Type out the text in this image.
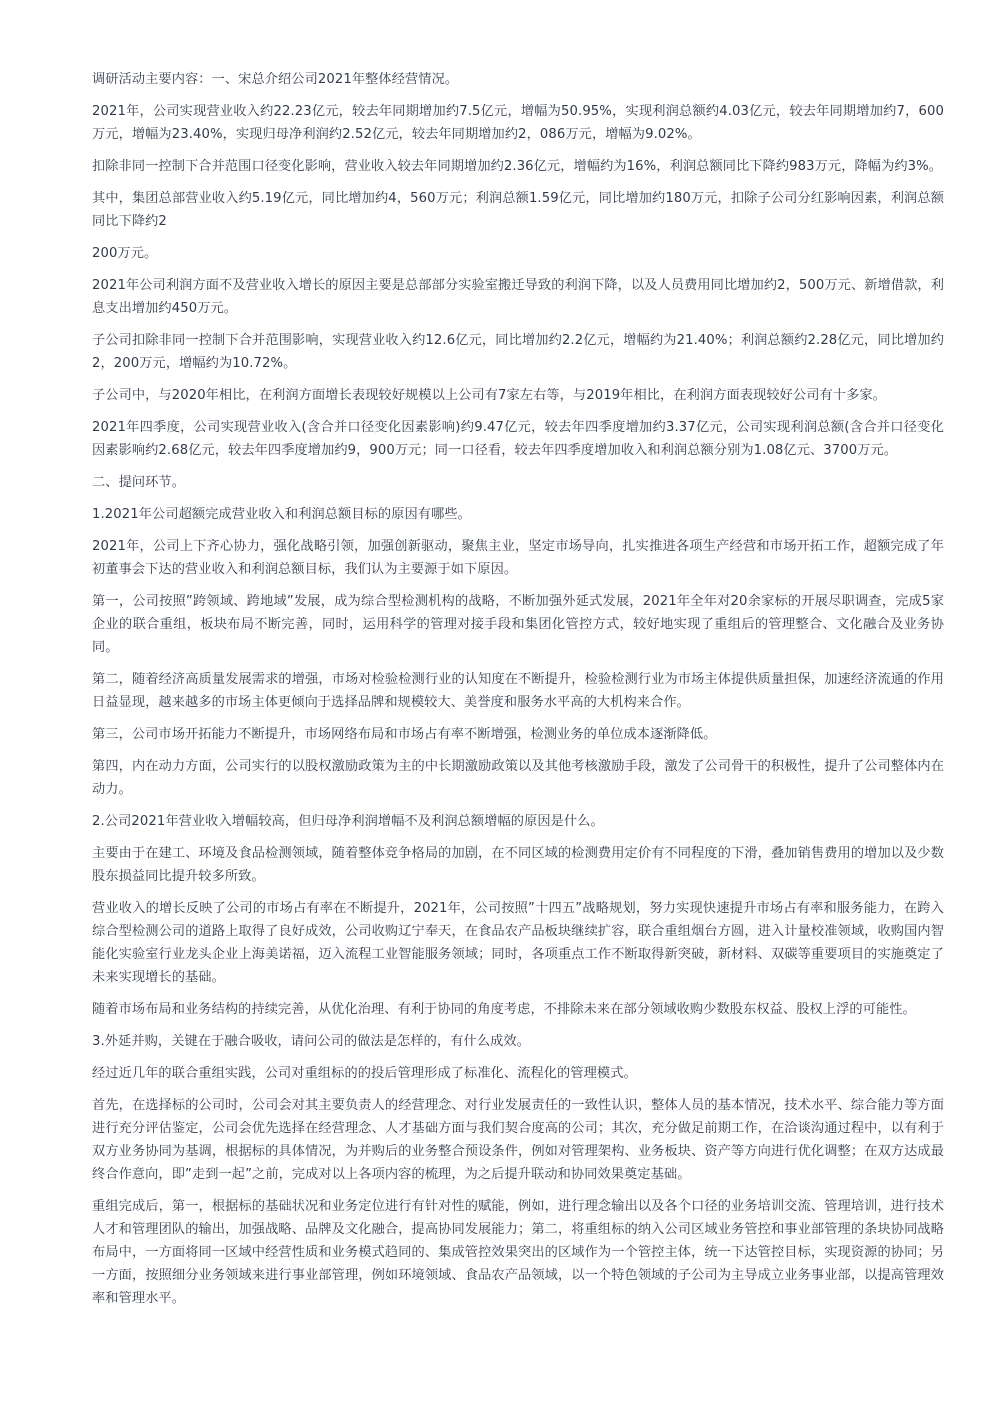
调研活动主要内容：一、宋总介绍公司2021年整体经营情况。

2021年，公司实现营业收入约22.23亿元，较去年同期增加约7.5亿元，增幅为50.95%，实现利润总额约4.03亿元，较去年同期增加约7，600万元，增幅为23.40%，实现归母净利润约2.52亿元，较去年同期增加约2，086万元，增幅为9.02%。

扣除非同一控制下合并范围口径变化影响，营业收入较去年同期增加约2.36亿元，增幅约为16%，利润总额同比下降约983万元，降幅为约3%。

其中，集团总部营业收入约5.19亿元，同比增加约4，560万元；利润总额1.59亿元，同比增加约180万元，扣除子公司分红影响因素，利润总额同比下降约2

200万元。

2021年公司利润方面不及营业收入增长的原因主要是总部部分实验室搬迁导致的利润下降，以及人员费用同比增加约2，500万元、新增借款，利息支出增加约450万元。

子公司扣除非同一控制下合并范围影响，实现营业收入约12.6亿元，同比增加约2.2亿元，增幅约为21.40%；利润总额约2.28亿元，同比增加约2，200万元，增幅约为10.72%。

子公司中，与2020年相比，在利润方面增长表现较好规模以上公司有7家左右等，与2019年相比，在利润方面表现较好公司有十多家。

2021年四季度，公司实现营业收入(含合并口径变化因素影响)约9.47亿元，较去年四季度增加约3.37亿元，公司实现利润总额(含合并口径变化因素影响约2.68亿元，较去年四季度增加约9，900万元；同一口径看，较去年四季度增加收入和利润总额分别为1.08亿元、3700万元。

二、提问环节。

1.2021年公司超额完成营业收入和利润总额目标的原因有哪些。

2021年，公司上下齐心协力，强化战略引领，加强创新驱动，聚焦主业，坚定市场导向，扎实推进各项生产经营和市场开拓工作，超额完成了年初董事会下达的营业收入和利润总额目标，我们认为主要源于如下原因。

第一，公司按照”跨领域、跨地域”发展，成为综合型检测机构的战略，不断加强外延式发展，2021年全年对20余家标的开展尽职调查，完成5家企业的联合重组，板块布局不断完善，同时，运用科学的管理对接手段和集团化管控方式，较好地实现了重组后的管理整合、文化融合及业务协同。

第二，随着经济高质量发展需求的增强，市场对检验检测行业的认知度在不断提升，检验检测行业为市场主体提供质量担保，加速经济流通的作用日益显现，越来越多的市场主体更倾向于选择品牌和规模较大、美誉度和服务水平高的大机构来合作。

第三，公司市场开拓能力不断提升，市场网络布局和市场占有率不断增强，检测业务的单位成本逐渐降低。

第四，内在动力方面，公司实行的以股权激励政策为主的中长期激励政策以及其他考核激励手段，激发了公司骨干的积极性，提升了公司整体内在动力。

2.公司2021年营业收入增幅较高，但归母净利润增幅不及利润总额增幅的原因是什么。

主要由于在建工、环境及食品检测领域，随着整体竞争格局的加剧，在不同区域的检测费用定价有不同程度的下滑，叠加销售费用的增加以及少数股东损益同比提升较多所致。

营业收入的增长反映了公司的市场占有率在不断提升，2021年，公司按照”十四五”战略规划，努力实现快速提升市场占有率和服务能力，在跨入综合型检测公司的道路上取得了良好成效，公司收购辽宁奉天，在食品农产品板块继续扩容，联合重组烟台方圆，进入计量校准领域，收购国内智能化实验室行业龙头企业上海美诺福，迈入流程工业智能服务领域；同时，各项重点工作不断取得新突破，新材料、双碳等重要项目的实施奠定了未来实现增长的基础。

随着市场布局和业务结构的持续完善，从优化治理、有利于协同的角度考虑，不排除未来在部分领域收购少数股东权益、股权上浮的可能性。

3.外延并购，关键在于融合吸收，请问公司的做法是怎样的，有什么成效。

经过近几年的联合重组实践，公司对重组标的的投后管理形成了标准化、流程化的管理模式。

首先，在选择标的公司时，公司会对其主要负责人的经营理念、对行业发展责任的一致性认识，整体人员的基本情况，技术水平、综合能力等方面进行充分评估鉴定，公司会优先选择在经营理念、人才基础方面与我们契合度高的公司；其次，充分做足前期工作，在洽谈沟通过程中，以有利于双方业务协同为基调，根据标的具体情况，为并购后的业务整合预设条件，例如对管理架构、业务板块、资产等方向进行优化调整；在双方达成最终合作意向，即”走到一起”之前，完成对以上各项内容的梳理，为之后提升联动和协同效果奠定基础。

重组完成后，第一，根据标的基础状况和业务定位进行有针对性的赋能，例如，进行理念输出以及各个口径的业务培训交流、管理培训，进行技术人才和管理团队的输出，加强战略、品牌及文化融合，提高协同发展能力；第二，将重组标的纳入公司区域业务管控和事业部管理的条块协同战略布局中，一方面将同一区域中经营性质和业务模式趋同的、集成管控效果突出的区域作为一个管控主体，统一下达管控目标，实现资源的协同；另一方面，按照细分业务领域来进行事业部管理，例如环境领域、食品农产品领域，以一个特色领域的子公司为主导成立业务事业部，以提高管理效率和管理水平。
